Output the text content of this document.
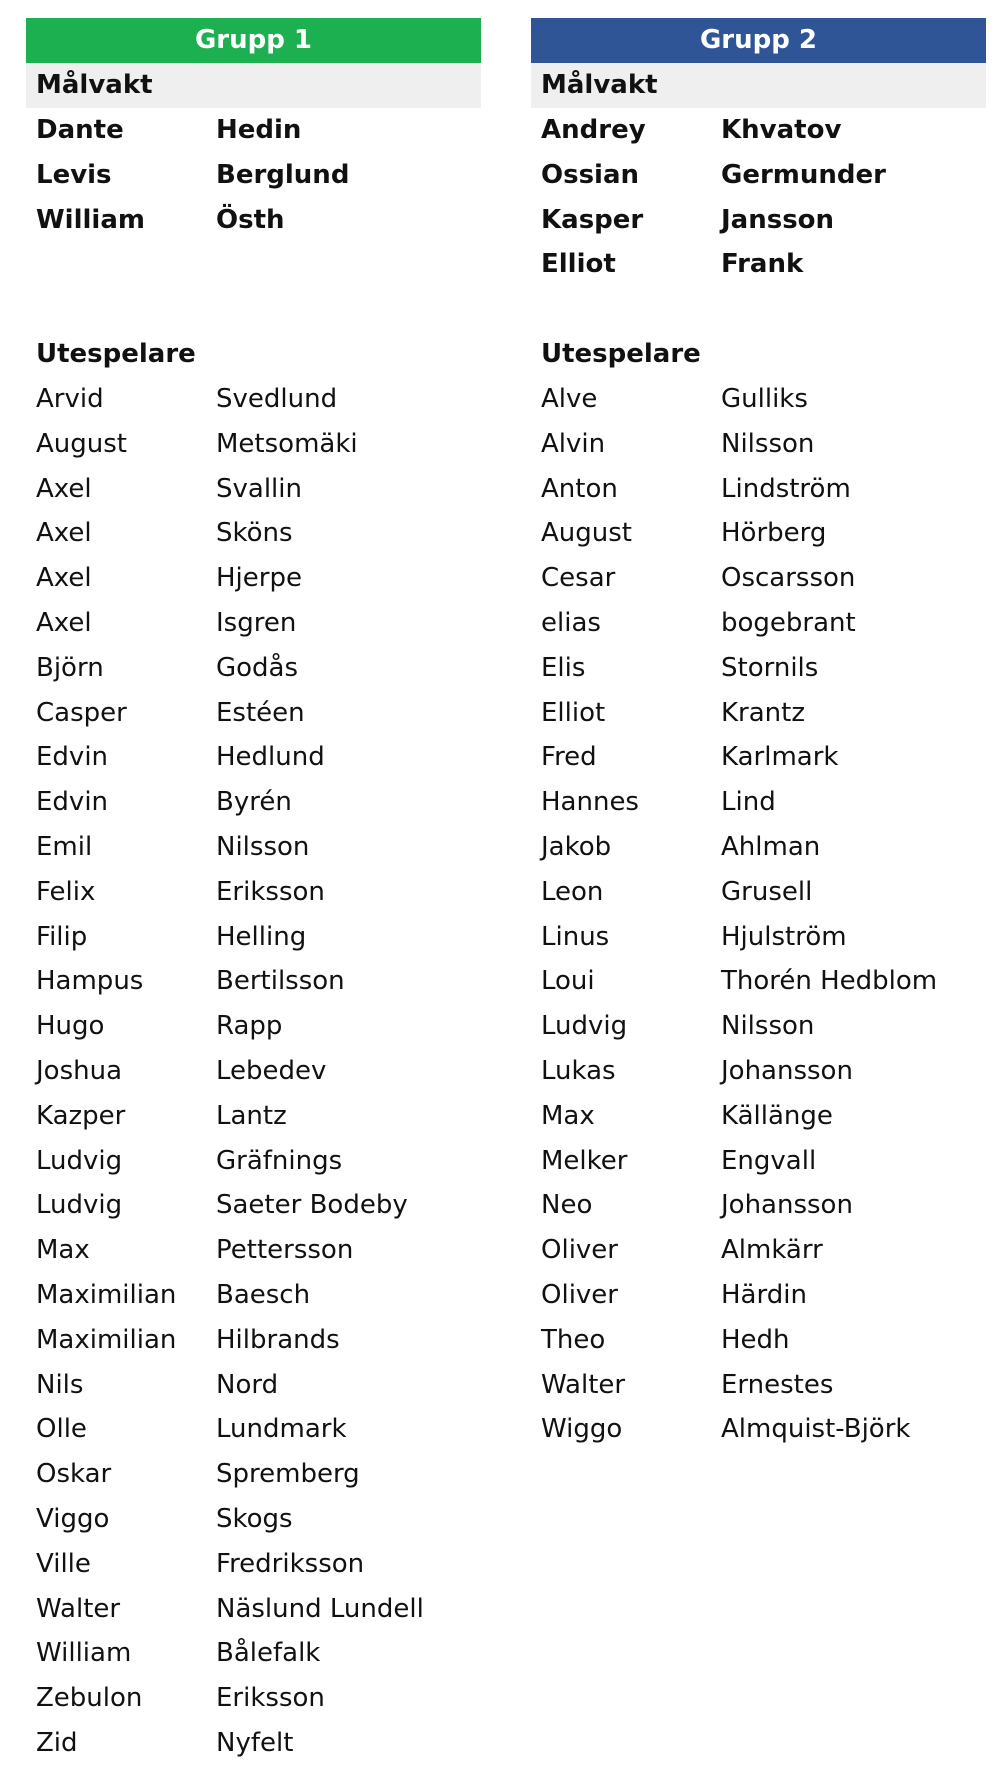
Grupp 1
Målvakt
Dante	Hedin
Levis	Berglund
William	Östh
Utespelare
Arvid	Svedlund
August	Metsomäki
Axel	Svallin
Axel	Sköns
Axel	Hjerpe
Axel	Isgren
Björn	Godås
Casper	Estéen
Edvin	Hedlund
Edvin	Byrén
Emil	Nilsson
Felix	Eriksson
Filip	Helling
Hampus	Bertilsson
Hugo	Rapp
Joshua	Lebedev
Kazper	Lantz
Ludvig	Gräfnings
Ludvig	Saeter Bodeby
Max	Pettersson
Maximilian	Baesch
Maximilian	Hilbrands
Nils	Nord
Olle	Lundmark
Oskar	Spremberg
Viggo	Skogs
Ville	Fredriksson
Walter	Näslund Lundell
William	Bålefalk
Zebulon	Eriksson
Zid	Nyfelt
Grupp 2
Målvakt
Andrey	Khvatov
Ossian	Germunder
Kasper	Jansson
Elliot	Frank
Utespelare
Alve	Gulliks
Alvin	Nilsson
Anton	Lindström
August	Hörberg
Cesar	Oscarsson
elias	bogebrant
Elis	Stornils
Elliot	Krantz
Fred	Karlmark
Hannes	Lind
Jakob	Ahlman
Leon	Grusell
Linus	Hjulström
Loui	Thorén Hedblom
Ludvig	Nilsson
Lukas	Johansson
Max	Källänge
Melker	Engvall
Neo	Johansson
Oliver	Almkärr
Oliver	Härdin
Theo	Hedh
Walter	Ernestes
Wiggo	Almquist-Björk
